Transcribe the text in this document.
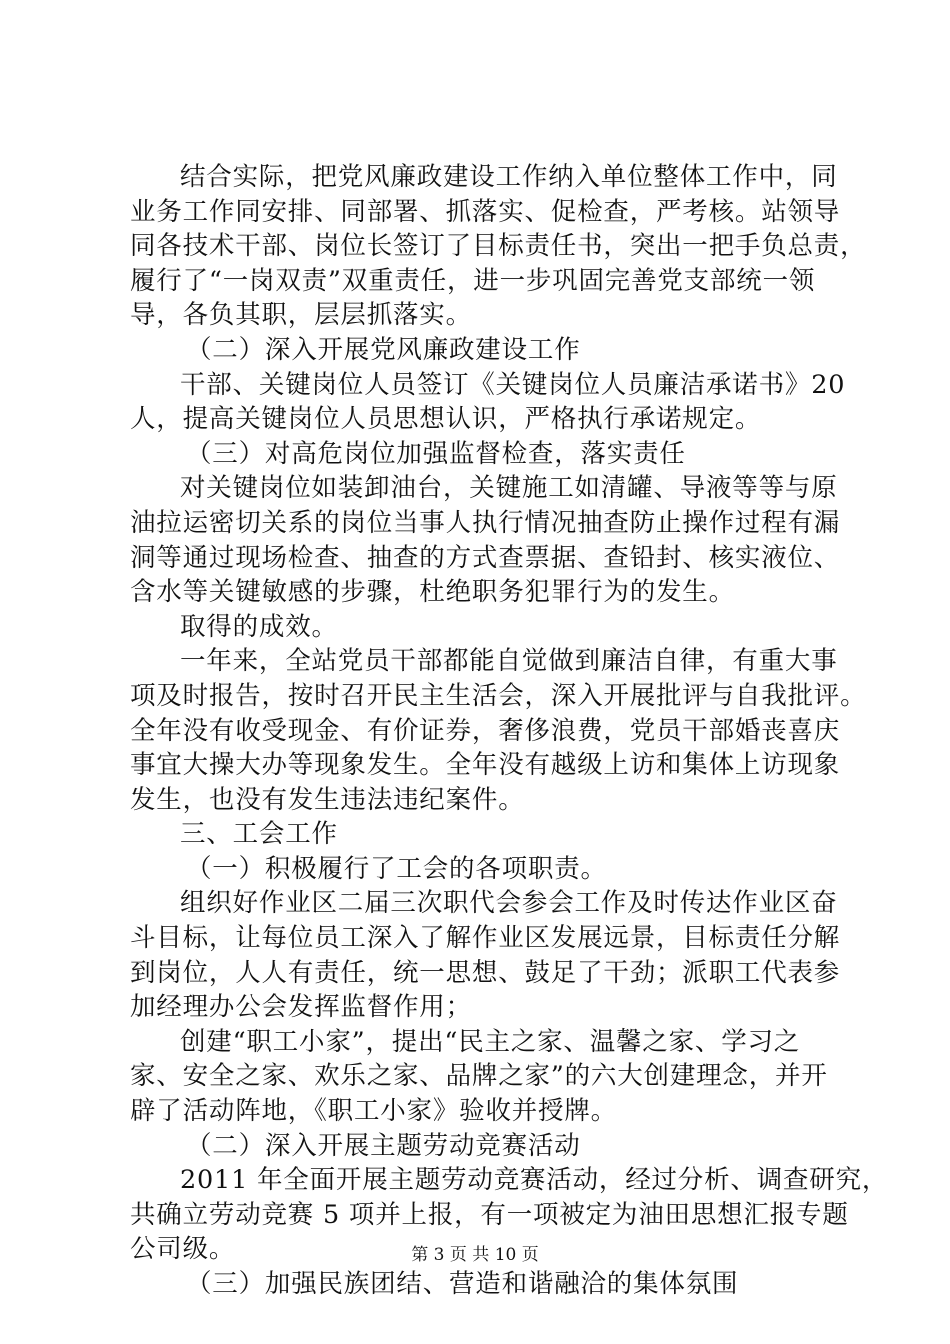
结合实际，把党风廉政建设工作纳入单位整体工作中，同
业务工作同安排、同部署、抓落实、促检查，严考核。站领导
同各技术干部、岗位长签订了目标责任书，突出一把手负总责，
履行了“一岗双责”双重责任，进一步巩固完善党支部统一领
导，各负其职，层层抓落实。
（二）深入开展党风廉政建设工作
干部、关键岗位人员签订《关键岗位人员廉洁承诺书》20
人，提高关键岗位人员思想认识，严格执行承诺规定。
（三）对高危岗位加强监督检查，落实责任
对关键岗位如装卸油台，关键施工如清罐、导液等等与原
油拉运密切关系的岗位当事人执行情况抽查防止操作过程有漏
洞等通过现场检查、抽查的方式查票据、查铅封、核实液位、
含水等关键敏感的步骤，杜绝职务犯罪行为的发生。
取得的成效。
一年来，全站党员干部都能自觉做到廉洁自律，有重大事
项及时报告，按时召开民主生活会，深入开展批评与自我批评。
全年没有收受现金、有价证券，奢侈浪费，党员干部婚丧喜庆
事宜大操大办等现象发生。全年没有越级上访和集体上访现象
发生，也没有发生违法违纪案件。
三、工会工作
（一）积极履行了工会的各项职责。
组织好作业区二届三次职代会参会工作及时传达作业区奋
斗目标，让每位员工深入了解作业区发展远景，目标责任分解
到岗位，人人有责任，统一思想、鼓足了干劲；派职工代表参
加经理办公会发挥监督作用；
创建“职工小家”，提出“民主之家、温馨之家、学习之
家、安全之家、欢乐之家、品牌之家”的六大创建理念，并开
辟了活动阵地，《职工小家》验收并授牌。
（二）深入开展主题劳动竞赛活动
2011 年全面开展主题劳动竞赛活动，经过分析、调查研究，
共确立劳动竞赛 5 项并上报，有一项被定为油田思想汇报专题
公司级。
（三）加强民族团结、营造和谐融洽的集体氛围
第 3 页 共 10 页
